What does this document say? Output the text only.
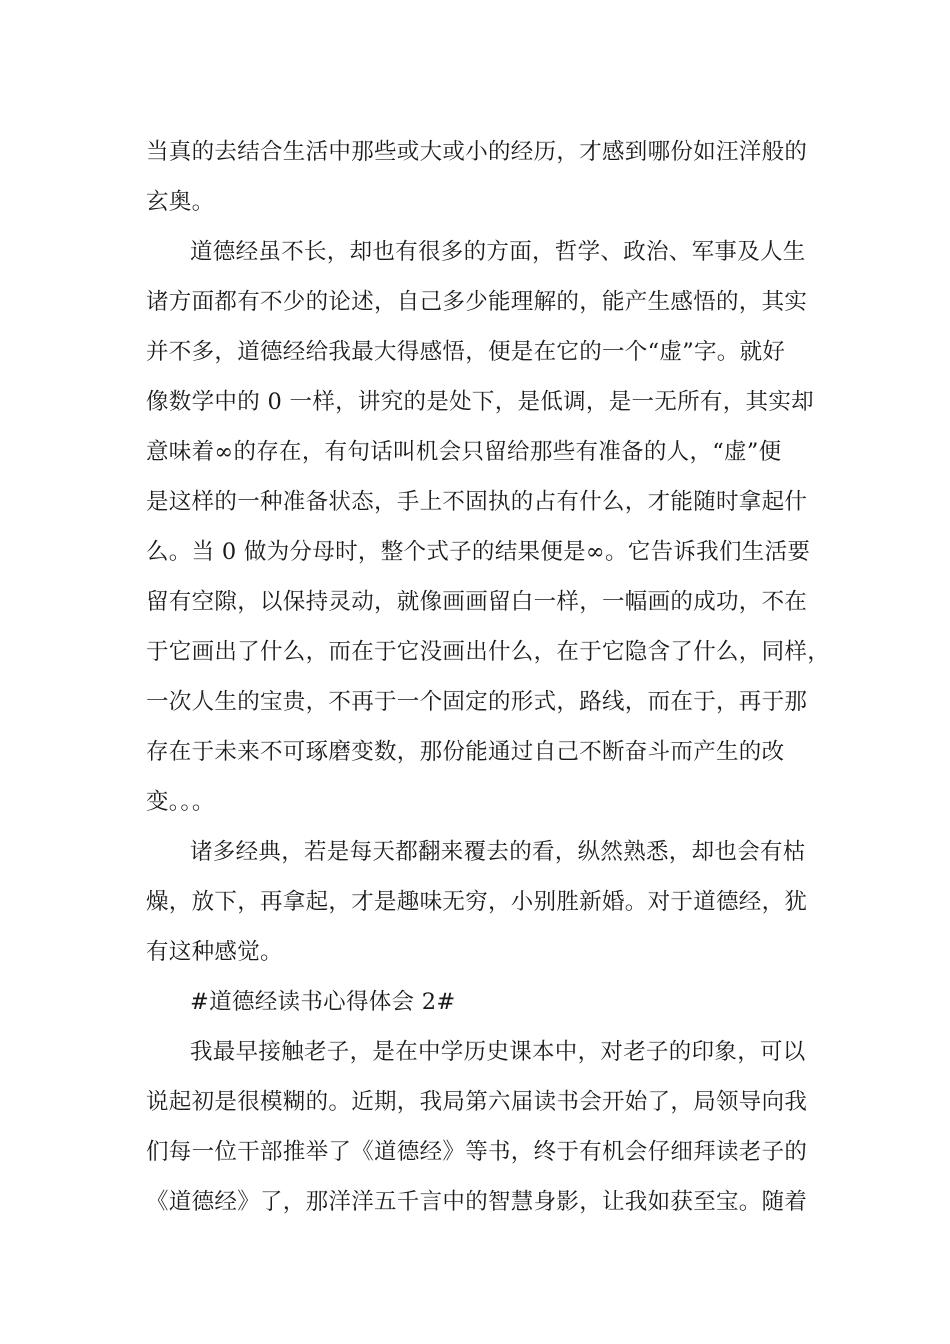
当真的去结合生活中那些或大或小的经历，才感到哪份如汪洋般的
玄奥。
道德经虽不长，却也有很多的方面，哲学、政治、军事及人生
诸方面都有不少的论述，自己多少能理解的，能产生感悟的，其实
并不多，道德经给我最大得感悟，便是在它的一个“虚”字。就好
像数学中的 0 一样，讲究的是处下，是低调，是一无所有，其实却
意味着∞的存在，有句话叫机会只留给那些有准备的人，“虚”便
是这样的一种准备状态，手上不固执的占有什么，才能随时拿起什
么。当 0 做为分母时，整个式子的结果便是∞。它告诉我们生活要
留有空隙，以保持灵动，就像画画留白一样，一幅画的成功，不在
于它画出了什么，而在于它没画出什么，在于它隐含了什么，同样，
一次人生的宝贵，不再于一个固定的形式，路线，而在于，再于那
存在于未来不可琢磨变数，那份能通过自己不断奋斗而产生的改
变。。。
诸多经典，若是每天都翻来覆去的看，纵然熟悉，却也会有枯
燥，放下，再拿起，才是趣味无穷，小别胜新婚。对于道德经，犹
有这种感觉。
#道德经读书心得体会 2#
我最早接触老子，是在中学历史课本中，对老子的印象，可以
说起初是很模糊的。近期，我局第六届读书会开始了，局领导向我
们每一位干部推举了《道德经》等书，终于有机会仔细拜读老子的
《道德经》了，那洋洋五千言中的智慧身影，让我如获至宝。随着
